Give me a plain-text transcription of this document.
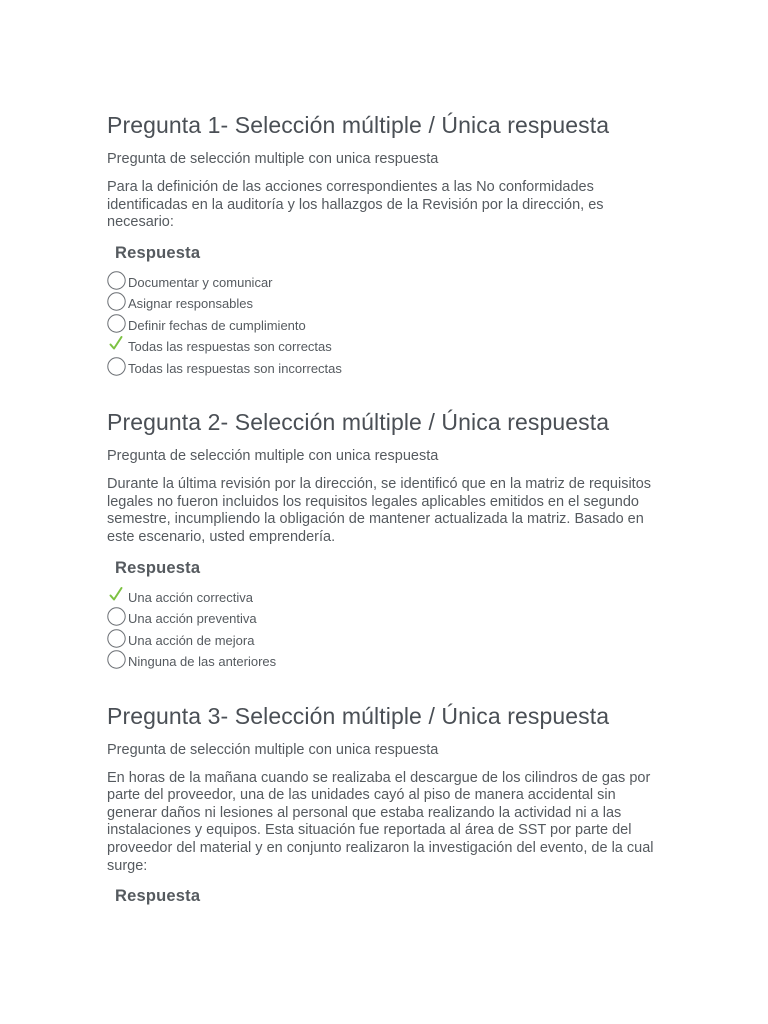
Pregunta 1- Selección múltiple / Única respuesta

Pregunta de selección multiple con unica respuesta

Para la definición de las acciones correspondientes a las No conformidades identificadas en la auditoría y los hallazgos de la Revisión por la dirección, es necesario:

Respuesta
Documentar y comunicar
Asignar responsables
Definir fechas de cumplimiento
Todas las respuestas son correctas
Todas las respuestas son incorrectas
Pregunta 2- Selección múltiple / Única respuesta

Pregunta de selección multiple con unica respuesta

Durante la última revisión por la dirección, se identificó que en la matriz de requisitos legales no fueron incluidos los requisitos legales aplicables emitidos en el segundo semestre, incumpliendo la obligación de mantener actualizada la matriz. Basado en este escenario, usted emprendería.

Respuesta
Una acción correctiva
Una acción preventiva
Una acción de mejora
Ninguna de las anteriores
Pregunta 3- Selección múltiple / Única respuesta

Pregunta de selección multiple con unica respuesta

En horas de la mañana cuando se realizaba el descargue de los cilindros de gas por parte del proveedor, una de las unidades cayó al piso de manera accidental sin generar daños ni lesiones al personal que estaba realizando la actividad ni a las instalaciones y equipos. Esta situación fue reportada al área de SST por parte del proveedor del material y en conjunto realizaron la investigación del evento, de la cual surge:

Respuesta
